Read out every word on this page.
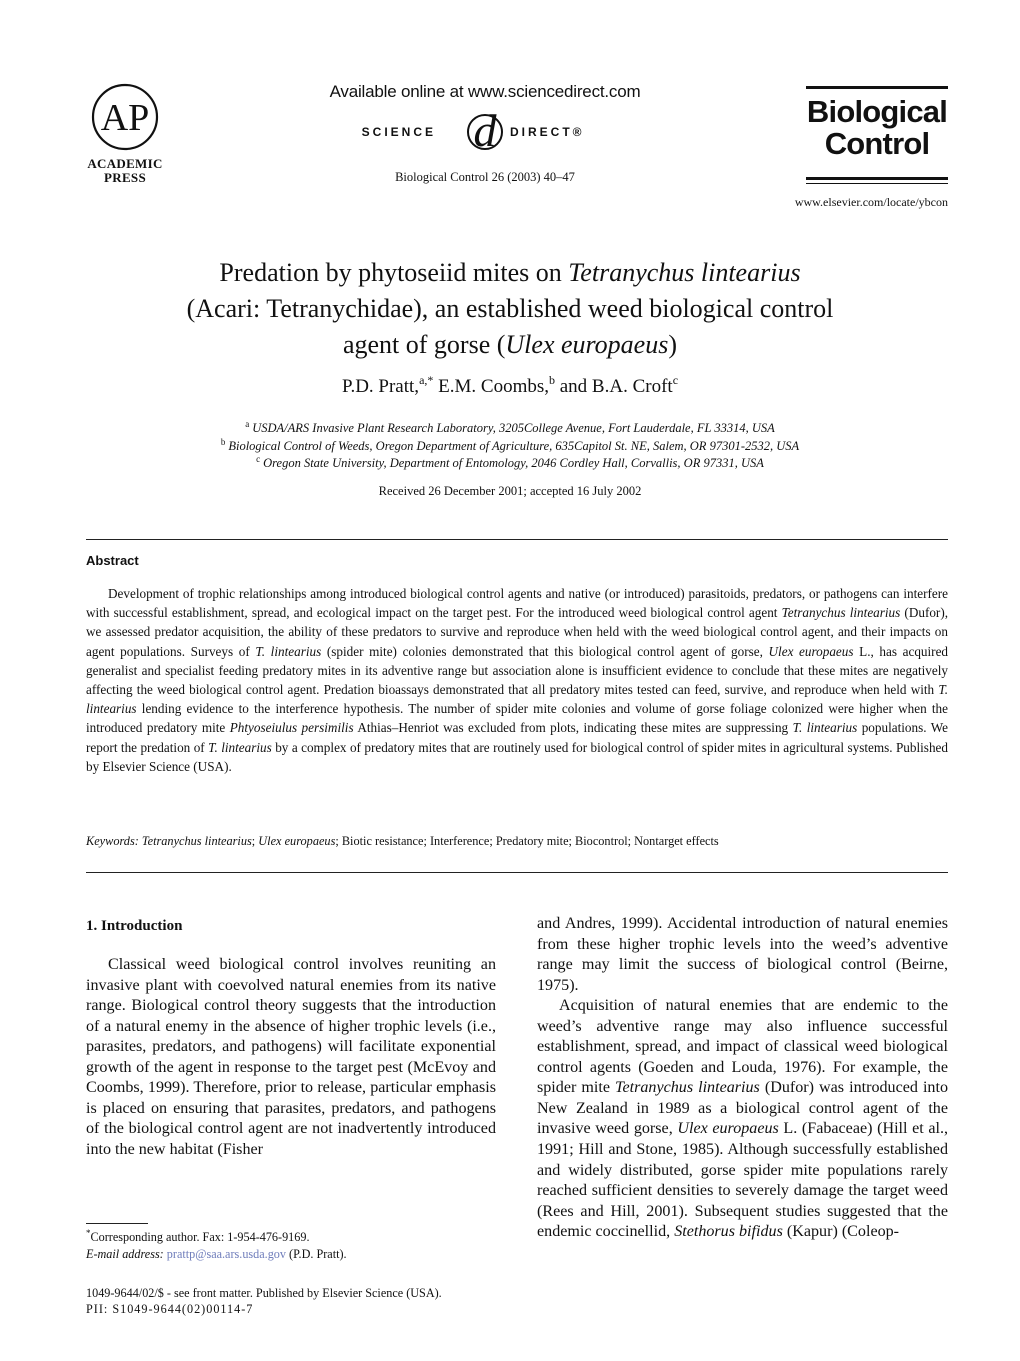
AP
ACADEMIC
PRESS
Available online at www.sciencedirect.com
SCIENCE d DIRECT®
Biological Control 26 (2003) 40–47
Biological
Control
www.elsevier.com/locate/ybcon
Predation by phytoseiid mites on Tetranychus lintearius
(Acari: Tetranychidae), an established weed biological control
agent of gorse (Ulex europaeus)
P.D. Pratt,$^{a,*}$ E.M. Coombs,$^b$ and B.A. Croft$^c$
$^a$ USDA/ARS Invasive Plant Research Laboratory, 3205College Avenue, Fort Lauderdale, FL 33314, USA
$^b$ Biological Control of Weeds, Oregon Department of Agriculture, 635Capitol St. NE, Salem, OR 97301-2532, USA
$^c$ Oregon State University, Department of Entomology, 2046 Cordley Hall, Corvallis, OR 97331, USA
Received 26 December 2001; accepted 16 July 2002
Abstract
Development of trophic relationships among introduced biological control agents and native (or introduced) parasitoids, predators, or pathogens can interfere with successful establishment, spread, and ecological impact on the target pest. For the introduced weed biological control agent Tetranychus lintearius (Dufor), we assessed predator acquisition, the ability of these predators to survive and reproduce when held with the weed biological control agent, and their impacts on agent populations. Surveys of T. lintearius (spider mite) colonies demonstrated that this biological control agent of gorse, Ulex europaeus L., has acquired generalist and specialist feeding predatory mites in its adventive range but association alone is insufficient evidence to conclude that these mites are negatively affecting the weed biological control agent. Predation bioassays demonstrated that all predatory mites tested can feed, survive, and reproduce when held with T. lintearius lending evidence to the interference hypothesis. The number of spider mite colonies and volume of gorse foliage colonized were higher when the introduced predatory mite Phtyoseiulus persimilis Athias–Henriot was excluded from plots, indicating these mites are suppressing T. lintearius populations. We report the predation of T. lintearius by a complex of predatory mites that are routinely used for biological control of spider mites in agricultural systems. Published by Elsevier Science (USA).
Keywords: Tetranychus lintearius; Ulex europaeus; Biotic resistance; Interference; Predatory mite; Biocontrol; Nontarget effects
1. Introduction

Classical weed biological control involves reuniting an invasive plant with coevolved natural enemies from its native range. Biological control theory suggests that the introduction of a natural enemy in the absence of higher trophic levels (i.e., parasites, predators, and pathogens) will facilitate exponential growth of the agent in response to the target pest (McEvoy and Coombs, 1999). Therefore, prior to release, particular emphasis is placed on ensuring that parasites, predators, and pathogens of the biological control agent are not inadvertently introduced into the new habitat (Fisher

and Andres, 1999). Accidental introduction of natural enemies from these higher trophic levels into the weed’s adventive range may limit the success of biological control (Beirne, 1975).

Acquisition of natural enemies that are endemic to the weed’s adventive range may also influence successful establishment, spread, and impact of classical weed biological control agents (Goeden and Louda, 1976). For example, the spider mite Tetranychus lintearius (Dufor) was introduced into New Zealand in 1989 as a biological control agent of the invasive weed gorse, Ulex europaeus L. (Fabaceae) (Hill et al., 1991; Hill and Stone, 1985). Although successfully established and widely distributed, gorse spider mite populations rarely reached sufficient densities to severely damage the target weed (Rees and Hill, 2001). Subsequent studies suggested that the endemic coccinellid, Stethorus bifidus (Kapur) (Coleop-

*Corresponding author. Fax: 1-954-476-9169.
E-mail address: prattp@saa.ars.usda.gov (P.D. Pratt).
1049-9644/02/$ - see front matter. Published by Elsevier Science (USA).
PII: S1049-9644(02)00114-7
